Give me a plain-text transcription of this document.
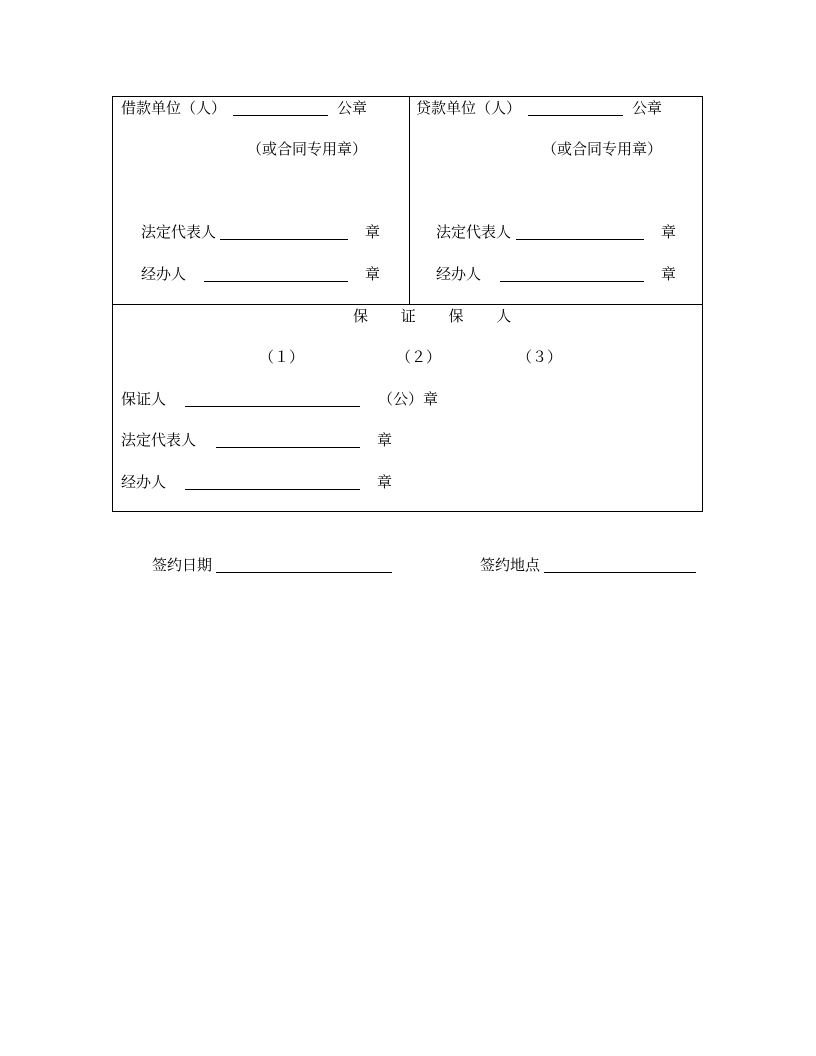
借款单位（人）	公章
（或合同专用章）
法定代表人	章
经办人	章
贷款单位（人）	公章
（或合同专用章）
法定代表人	章
经办人	章
保 证 保 人
（１）	（２）	（３）
保证人	（公）章
法定代表人	章
经办人	章
签约日期	签约地点
